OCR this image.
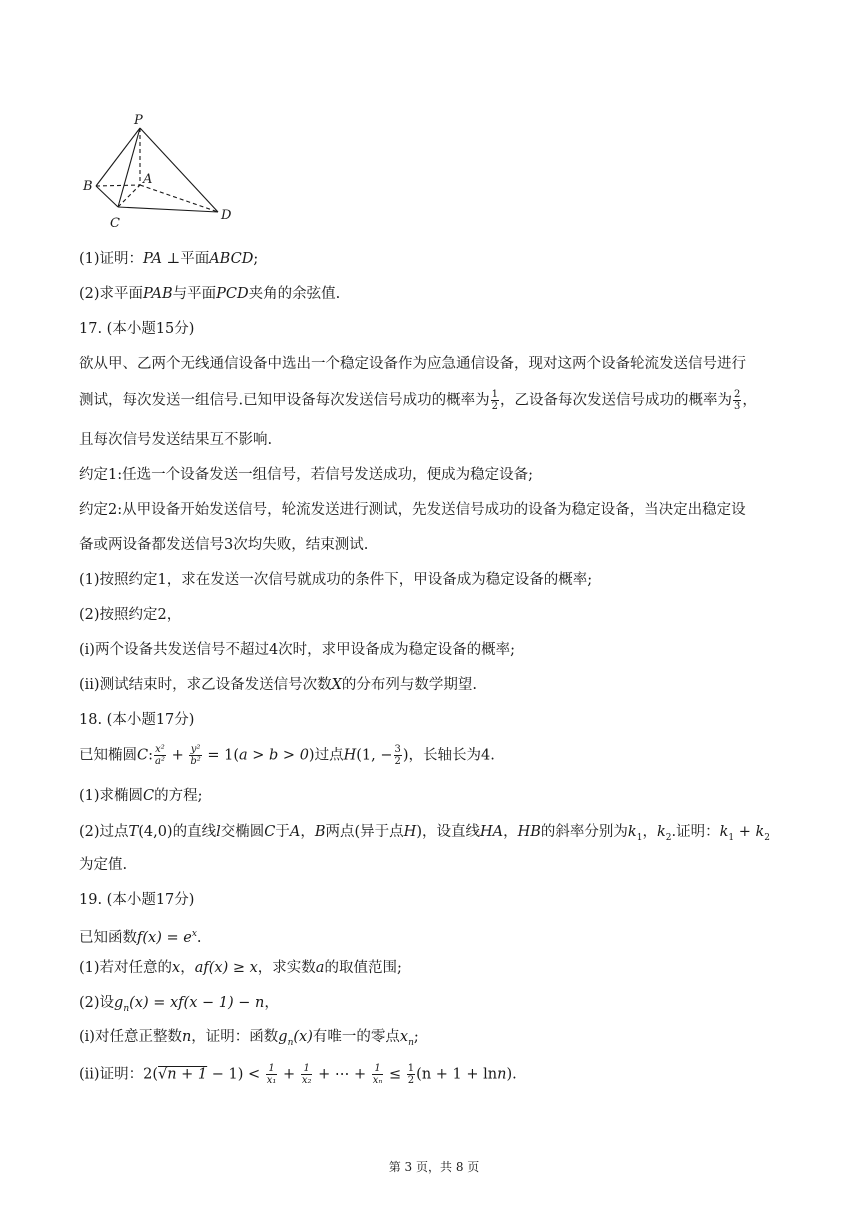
P
A
B
C
D
(1)证明：PA ⊥平面ABCD;
(2)求平面PAB与平面PCD夹角的余弦值.
17. (本小题15分)
欲从甲、乙两个无线通信设备中选出一个稳定设备作为应急通信设备，现对这两个设备轮流发送信号进行
测试，每次发送一组信号.已知甲设备每次发送信号成功的概率为 $\frac{1}{2}$ ，乙设备每次发送信号成功的概率为 $\frac{2}{3}$ ，
且每次信号发送结果互不影响.
约定1:任选一个设备发送一组信号，若信号发送成功，便成为稳定设备;
约定2:从甲设备开始发送信号，轮流发送进行测试，先发送信号成功的设备为稳定设备，当决定出稳定设
备或两设备都发送信号3次均失败，结束测试.
(1)按照约定1，求在发送一次信号就成功的条件下，甲设备成为稳定设备的概率;
(2)按照约定2，
(i)两个设备共发送信号不超过4次时，求甲设备成为稳定设备的概率;
(ii)测试结束时，求乙设备发送信号次数X的分布列与数学期望.
18. (本小题17分)
已知椭圆C: $\frac{\text{x²}}{\text{a²}} + \frac{\text{y²}}{\text{b²}} = 1(a > b > 0)$过点H(1, − $\frac{3}{2}$ )，长轴长为4.
(1)求椭圆C的方程;
(2)过点T(4,0)的直线l交椭圆C于A，B两点(异于点H)，设直线HA，HB的斜率分别为$k_1$，$k_2$.证明：$k_1 + k_2$
为定值.
19. (本小题17分)
已知函数$f(x) = e^x$.
(1)若对任意的x，af(x) ≥ x，求实数a的取值范围;
(2)设$g_n(x) = xf(x - 1) - n$，
(i)对任意正整数n，证明：函数$g_n(x)$有唯一的零点$x_n$;
(ii)证明：$2(√n + 1 - 1) < \frac{1}{\text{x₁}} + \frac{1}{\text{x₂}}$ + ⋯ + $\frac{1}{\text{xₙ}} \le \frac{1}{2} (n + 1 + \ln n)$.
第 3 页，共 8 页
